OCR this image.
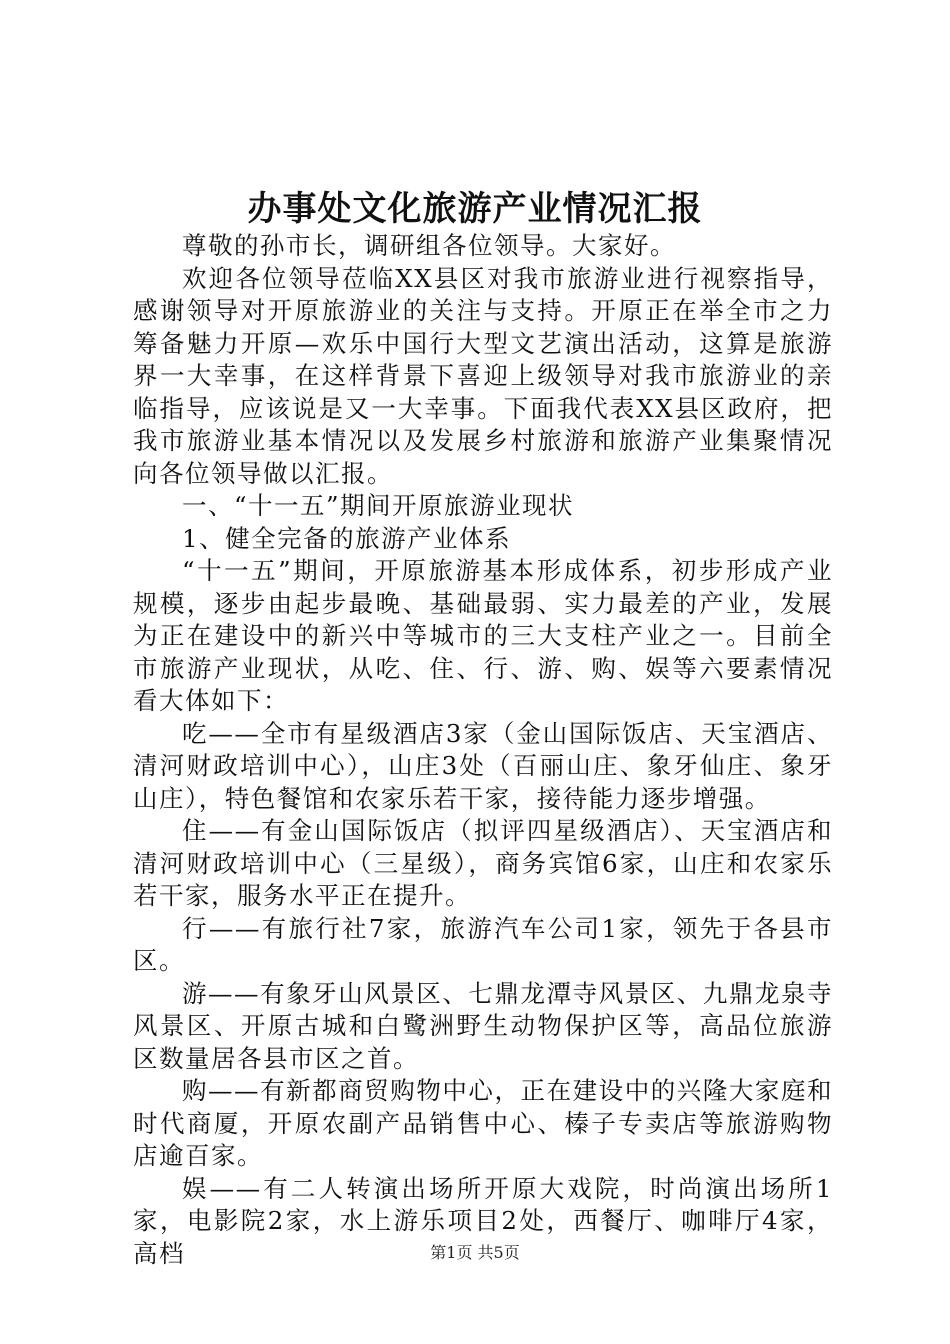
办事处文化旅游产业情况汇报

尊敬的孙市长，调研组各位领导。大家好。

欢迎各位领导莅临XX县区对我市旅游业进行视察指导，感谢领导对开原旅游业的关注与支持。开原正在举全市之力筹备魅力开原—欢乐中国行大型文艺演出活动，这算是旅游界一大幸事，在这样背景下喜迎上级领导对我市旅游业的亲临指导，应该说是又一大幸事。下面我代表XX县区政府，把我市旅游业基本情况以及发展乡村旅游和旅游产业集聚情况向各位领导做以汇报。

一、“十一五”期间开原旅游业现状

1、健全完备的旅游产业体系

“十一五”期间，开原旅游基本形成体系，初步形成产业规模，逐步由起步最晚、基础最弱、实力最差的产业，发展为正在建设中的新兴中等城市的三大支柱产业之一。目前全市旅游产业现状，从吃、住、行、游、购、娱等六要素情况看大体如下：

吃——全市有星级酒店3家（金山国际饭店、天宝酒店、清河财政培训中心），山庄3处（百丽山庄、象牙仙庄、象牙山庄），特色餐馆和农家乐若干家，接待能力逐步增强。

住——有金山国际饭店（拟评四星级酒店）、天宝酒店和清河财政培训中心（三星级），商务宾馆6家，山庄和农家乐若干家，服务水平正在提升。

行——有旅行社7家，旅游汽车公司1家，领先于各县市区。

游——有象牙山风景区、七鼎龙潭寺风景区、九鼎龙泉寺风景区、开原古城和白鹭洲野生动物保护区等，高品位旅游区数量居各县市区之首。

购——有新都商贸购物中心，正在建设中的兴隆大家庭和时代商厦，开原农副产品销售中心、榛子专卖店等旅游购物店逾百家。

娱——有二人转演出场所开原大戏院，时尚演出场所1家，电影院2家，水上游乐项目2处，西餐厅、咖啡厅4家，高档	第1页 共5页
